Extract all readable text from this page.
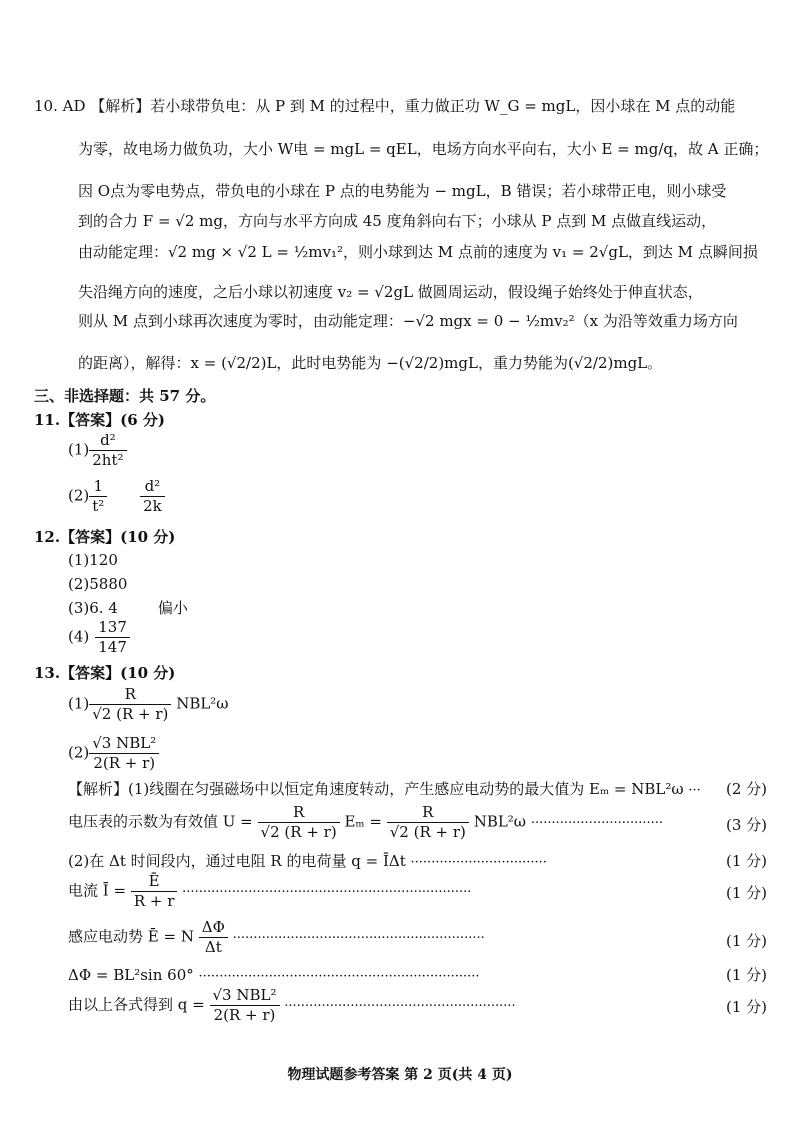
10. AD 【解析】若小球带负电：从 P 到 M 的过程中，重力做正功 W_G = mgL，因小球在 M 点的动能
为零，故电场力做负功，大小 W电 = mgL = qEL，电场方向水平向右，大小 E = mg/q，故 A 正确；
因 O点为零电势点，带负电的小球在 P 点的电势能为 − mgL，B 错误；若小球带正电，则小球受
到的合力 F = √2 mg，方向与水平方向成 45 度角斜向右下；小球从 P 点到 M 点做直线运动，
由动能定理：√2 mg × √2 L = ½mv₁²，则小球到达 M 点前的速度为 v₁ = 2√gL，到达 M 点瞬间损
失沿绳方向的速度，之后小球以初速度 v₂ = √2gL 做圆周运动，假设绳子始终处于伸直状态，
则从 M 点到小球再次速度为零时，由动能定理：−√2 mgx = 0 − ½mv₂²（x 为沿等效重力场方向
的距离），解得：x = (√2/2)L，此时电势能为 −(√2/2)mgL，重力势能为(√2/2)mgL。
三、非选择题：共 57 分。
11.【答案】(6 分)
$(1) \frac{\text{d²}}{\text{2ht²}}$
$(2) \frac{1}{\text{t²}}$
$\frac{\text{d²}}{2k}$
12.【答案】(10 分)
(1)120
(2)5880
(3)6. 4	偏小
$(4) \frac{137}{147}$
13.【答案】(10 分)
$(1) \frac{R}{√2 (R + r)} NBL^2\omega$
$(2) \frac{\text{√3 NBL²}}{2(R + r)}$
【解析】(1)线圈在匀强磁场中以恒定角速度转动，产生感应电动势的最大值为 Eₘ = NBL²ω ··· (2 分)
电压表的示数为有效值 $U = \frac{R}{√2 (R + r)}$ $E_m = \frac{R}{√2 (R + r)} NBL^2\omega$ ································	(3 分)
(2)在 Δt 时间段内，通过电阻 R 的电荷量 q = ĪΔt ·································	(1 分)
电流 Ī = $\frac{Ē}{R + r}$ ······································································	(1 分)
感应电动势 Ē = N $\frac{\Delta\Phi}{\Delta t}$ ·····························································	(1 分)
ΔΦ = BL²sin 60° ····································································	(1 分)
由以上各式得到 $q = \frac{\text{√3 NBL²}}{2(R + r)}$ ························································	(1 分)
物理试题参考答案 第 2 页(共 4 页)
